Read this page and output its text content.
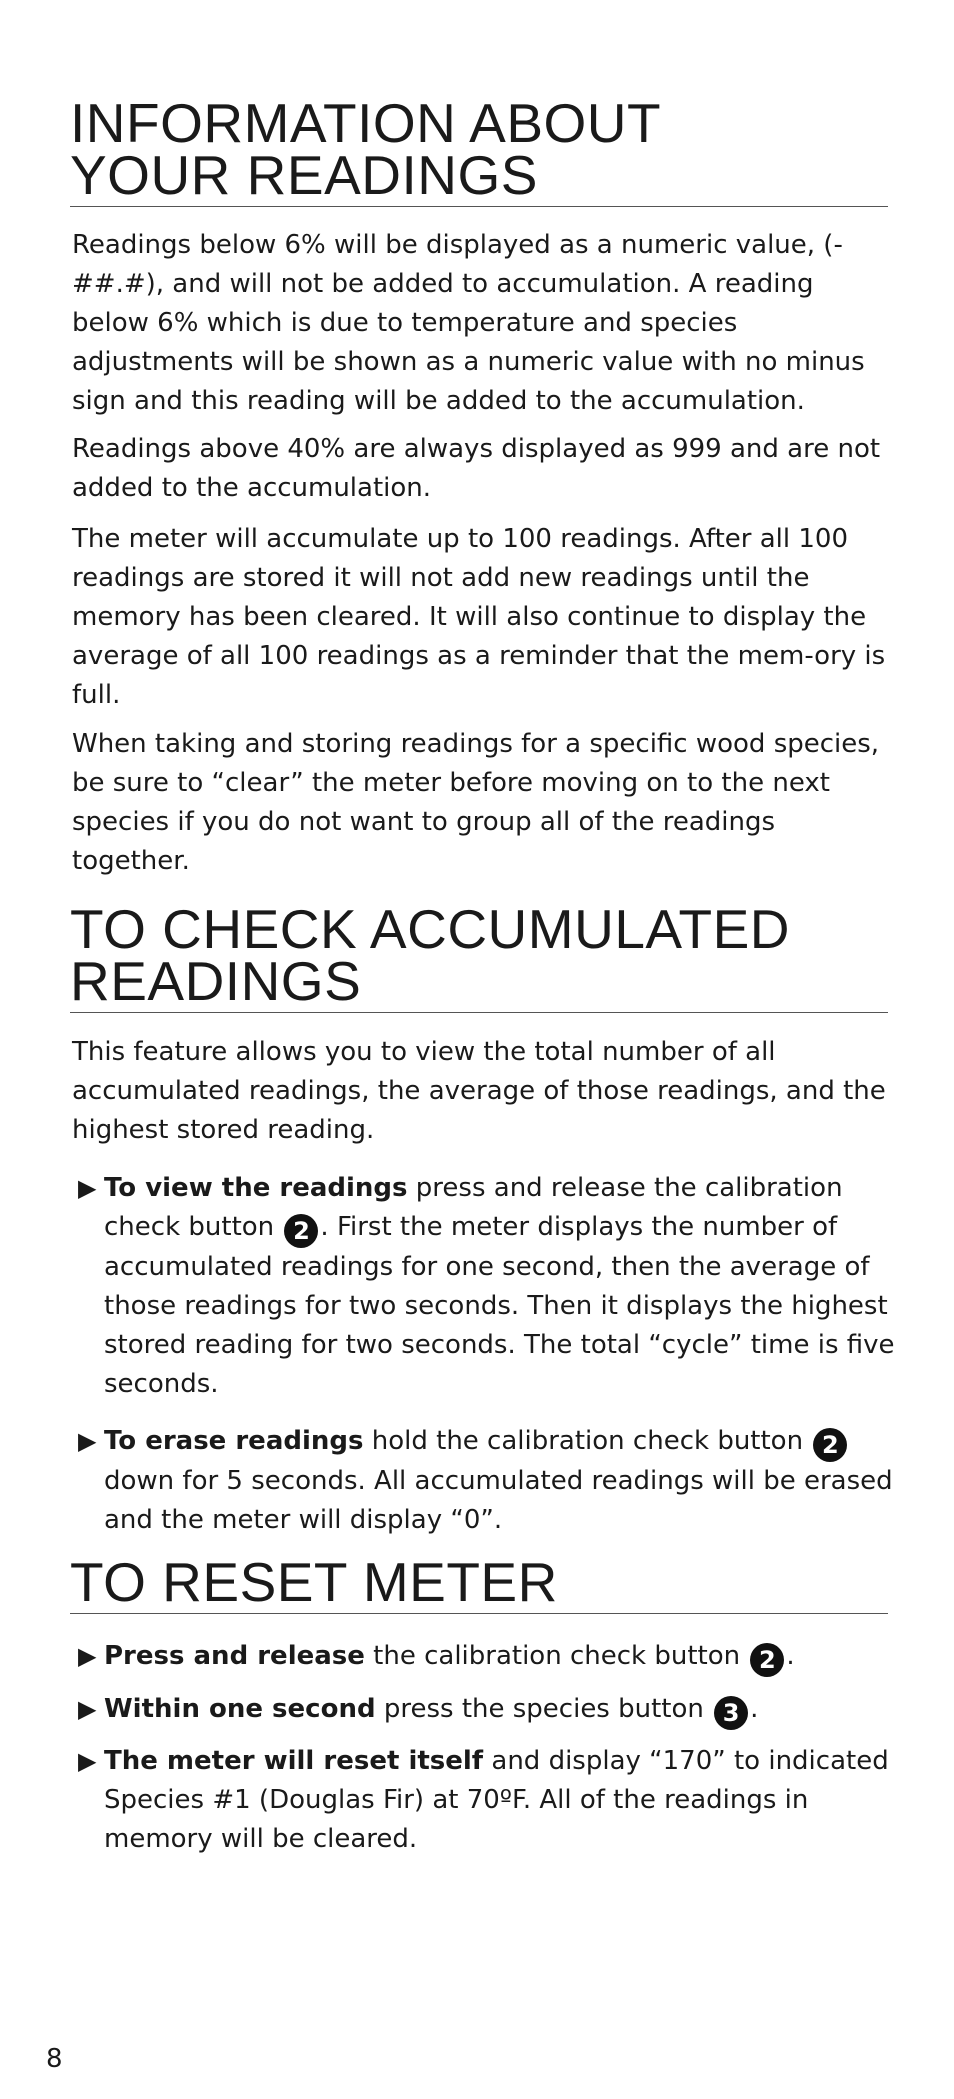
INFORMATION ABOUT
YOUR READINGS

Readings below 6% will be displayed as a numeric value, (-##.#), and will not be added to accumulation. A reading below 6% which is due to temperature and species adjustments will be shown as a numeric value with no minus sign and this reading will be added to the accumulation.

Readings above 40% are always displayed as 999 and are not added to the accumulation.

The meter will accumulate up to 100 readings. After all 100 readings are stored it will not add new readings until the memory has been cleared. It will also continue to display the average of all 100 readings as a reminder that the mem-ory is full.

When taking and storing readings for a specific wood species, be sure to “clear” the meter before moving on to the next species if you do not want to group all of the readings together.

TO CHECK ACCUMULATED
READINGS

This feature allows you to view the total number of all accumulated readings, the average of those readings, and the highest stored reading.

▶ To view the readings press and release the calibration check button 2 . First the meter displays the number of accumulated readings for one second, then the average of those readings for two seconds. Then it displays the highest stored reading for two seconds. The total “cycle” time is five seconds.
▶ To erase readings hold the calibration check button 2 down for 5 seconds. All accumulated readings will be erased and the meter will display “0”.
TO RESET METER
▶ Press and release the calibration check button 2 .
▶ Within one second press the species button 3 .
▶ The meter will reset itself and display “170” to indicated Species #1 (Douglas Fir) at 70ºF. All of the readings in memory will be cleared.
8
